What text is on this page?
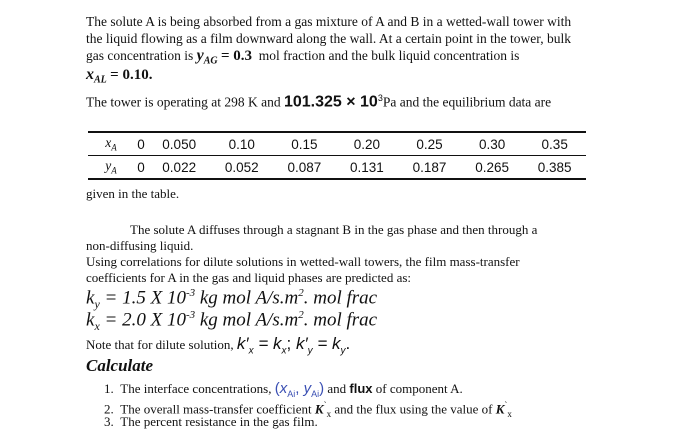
The solute A is being absorbed from a gas mixture of A and B in a wetted-wall tower with
the liquid flowing as a film downward along the wall. At a certain point in the tower, bulk
gas concentration is $y_{AG} = 0.3$ mol fraction and the bulk liquid concentration is
$x_{AL} = 0.10$.
The tower is operating at 298 K and $101.325 \times 10^3Pa$ and the equilibrium data are
$x_A$	0	0.050	0.10	0.15	0.20	0.25	0.30	0.35
$y_A$	0	0.022	0.052	0.087	0.131	0.187	0.265	0.385
given in the table.
The solute A diffuses through a stagnant B in the gas phase and then through a
non-diffusing liquid.
Using correlations for dilute solutions in wetted-wall towers, the film mass-transfer
coefficients for A in the gas and liquid phases are predicted as:
$k_y = 1.5$ X $10^{-3}$ kg mol $A/s.m^2$. mol frac
$k_x = 2.0$ X $10^{-3}$ kg mol $A/s.m^2$. mol frac
Note that for dilute solution, $k'_x = k_x$; $k'_y = k_y$.
Calculate
1. The interface concentrations, ($x_{Ai}$, $y_{Ai}$) and flux of component A.
2. The overall mass-transfer coefficient $K^`_x$ and the flux using the value of $K^`_x$
3. The percent resistance in the gas film.
